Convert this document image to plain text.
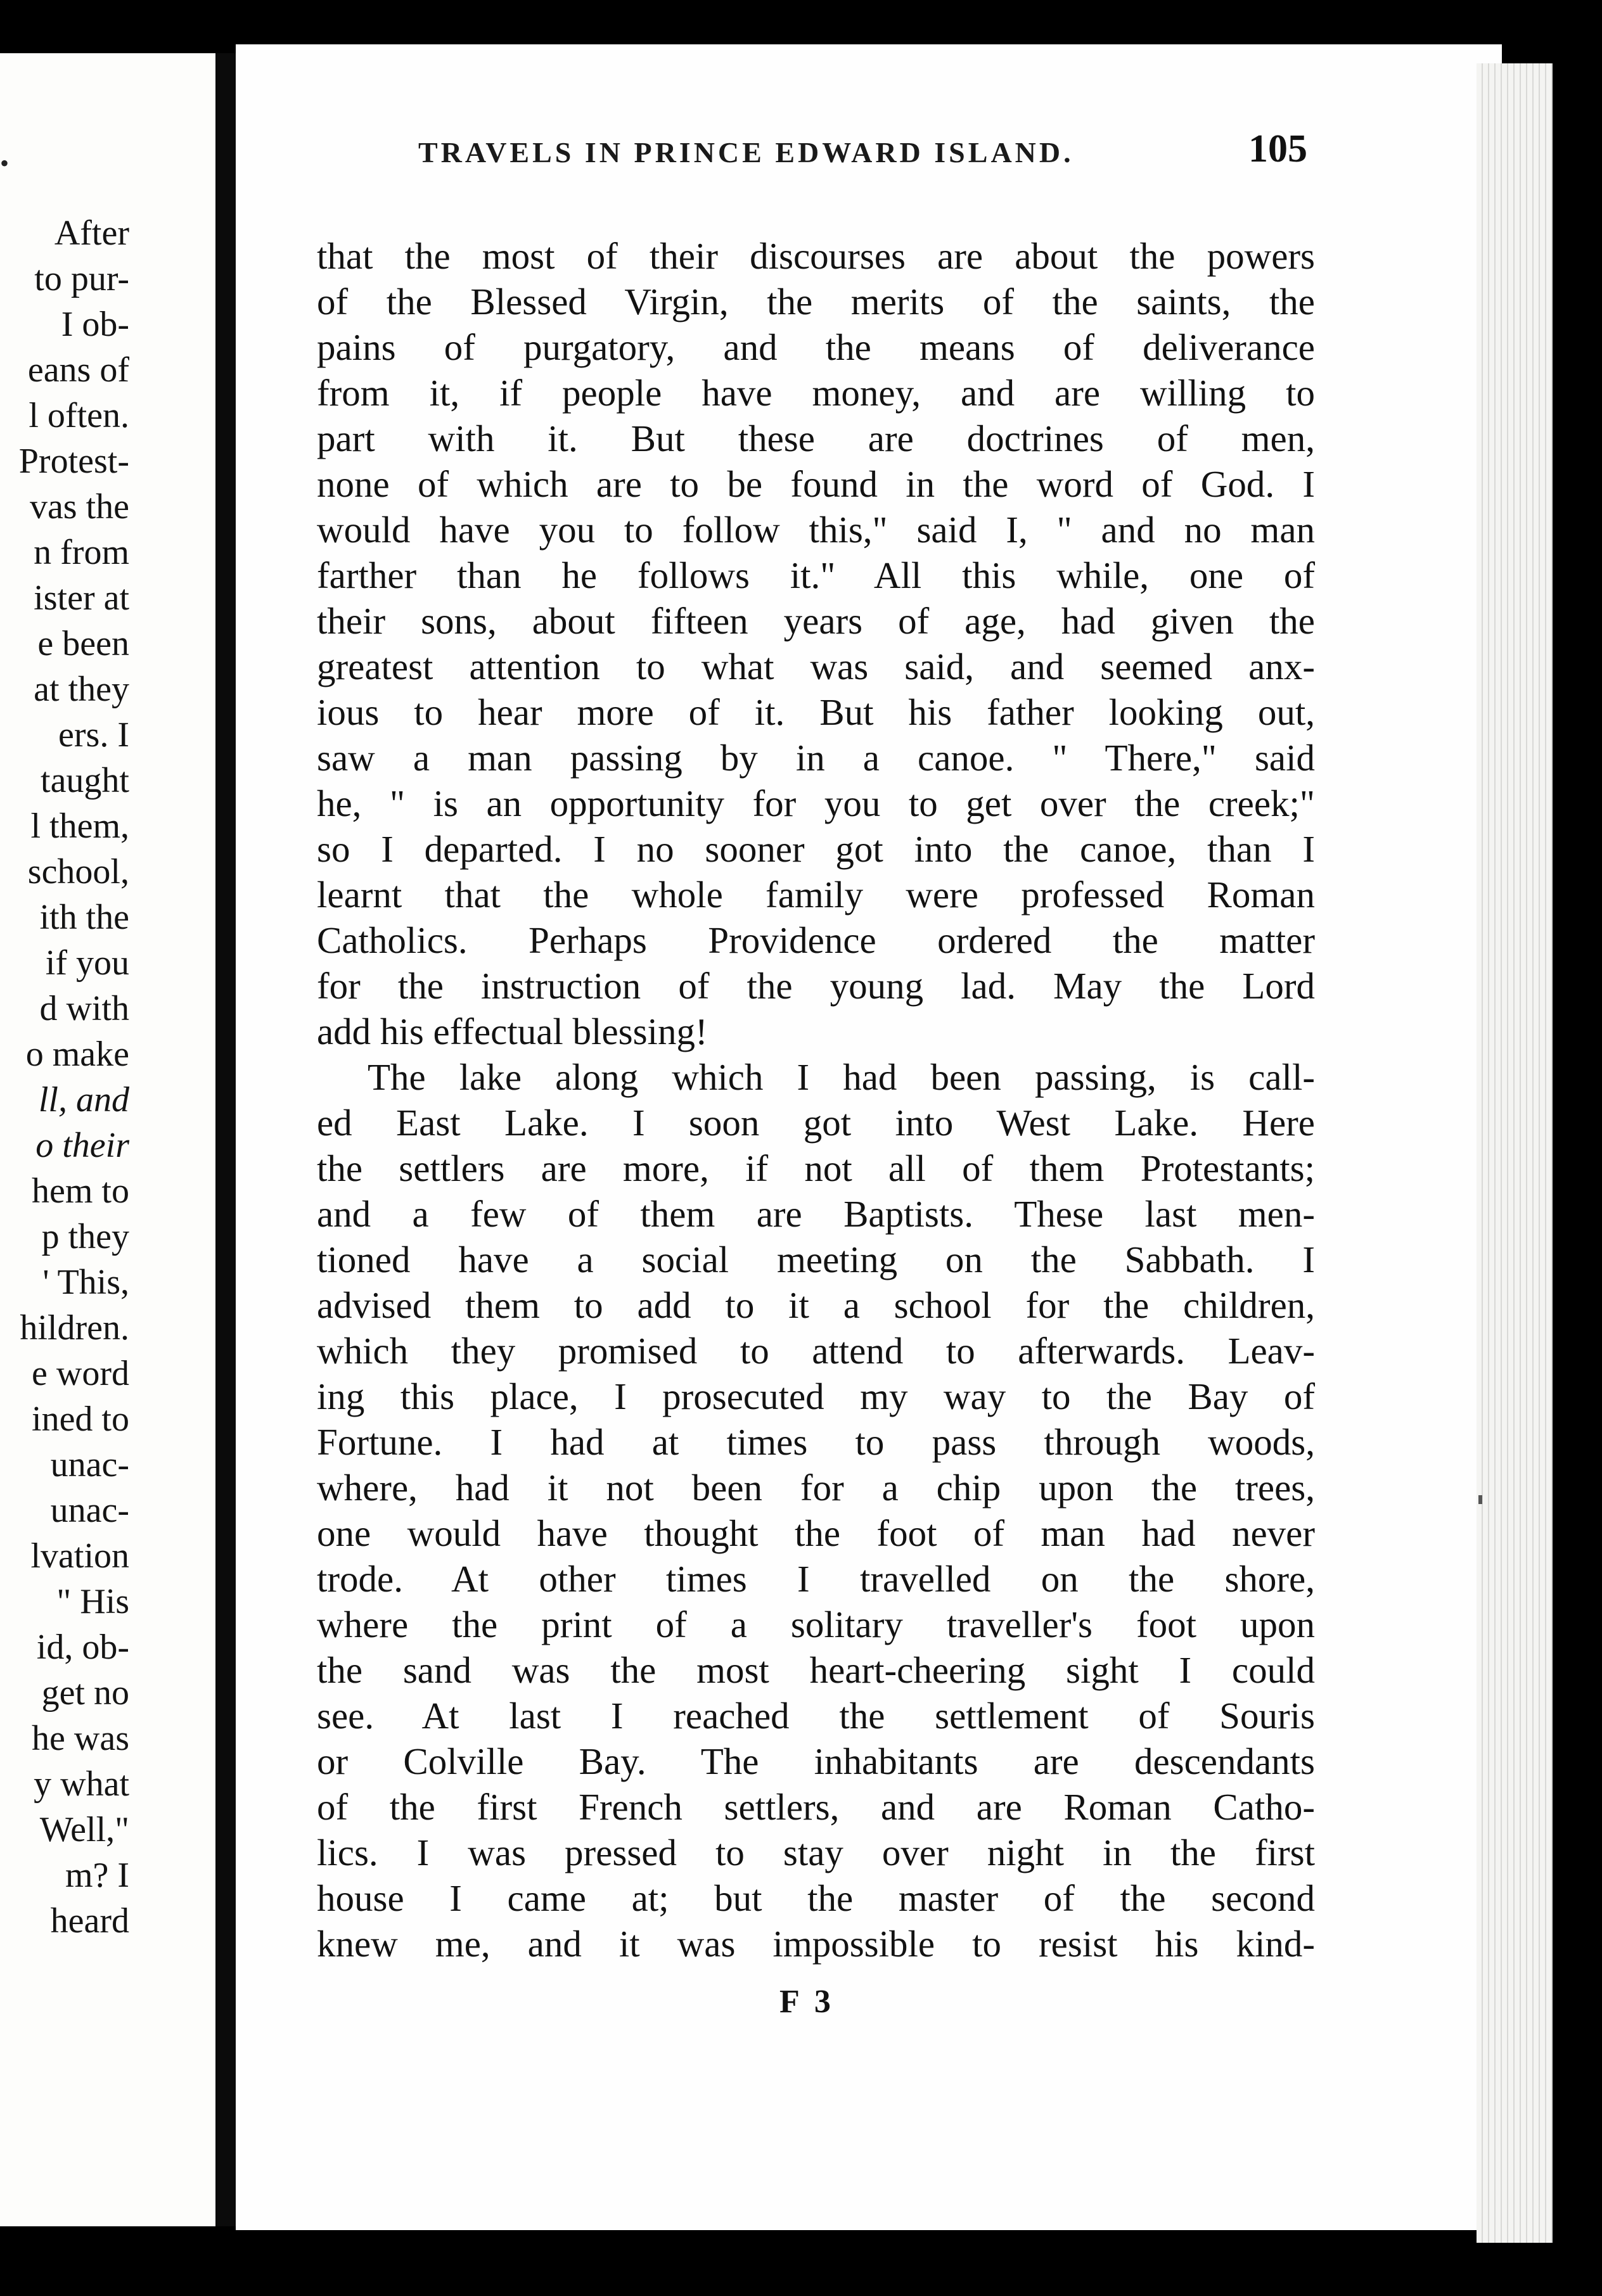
•
After
to pur-
I ob-
eans of
l often.
Protest-
vas the
n from
ister at
e been
at they
ers. I
taught
l them,
school,
ith the
if you
d with
o make
ll, and
o their
hem to
p they
' This,
hildren.
e word
ined to
unac-
unac-
lvation
" His
id, ob-
get no
he was
y what
Well,"
m? I
heard
TRAVELS IN PRINCE EDWARD ISLAND.	105
that the most of their discourses are about the powers
of the Blessed Virgin, the merits of the saints, the
pains of purgatory, and the means of deliverance
from it, if people have money, and are willing to
part with it. But these are doctrines of men,
none of which are to be found in the word of God. I
would have you to follow this," said I, " and no man
farther than he follows it." All this while, one of
their sons, about fifteen years of age, had given the
greatest attention to what was said, and seemed anx-
ious to hear more of it. But his father looking out,
saw a man passing by in a canoe. " There," said
he, " is an opportunity for you to get over the creek;"
so I departed. I no sooner got into the canoe, than I
learnt that the whole family were professed Roman
Catholics. Perhaps Providence ordered the matter
for the instruction of the young lad. May the Lord
add his effectual blessing!
The lake along which I had been passing, is call-
ed East Lake. I soon got into West Lake. Here
the settlers are more, if not all of them Protestants;
and a few of them are Baptists. These last men-
tioned have a social meeting on the Sabbath. I
advised them to add to it a school for the children,
which they promised to attend to afterwards. Leav-
ing this place, I prosecuted my way to the Bay of
Fortune. I had at times to pass through woods,
where, had it not been for a chip upon the trees,
one would have thought the foot of man had never
trode. At other times I travelled on the shore,
where the print of a solitary traveller's foot upon
the sand was the most heart-cheering sight I could
see. At last I reached the settlement of Souris
or Colville Bay. The inhabitants are descendants
of the first French settlers, and are Roman Catho-
lics. I was pressed to stay over night in the first
house I came at; but the master of the second
knew me, and it was impossible to resist his kind-
F 3
